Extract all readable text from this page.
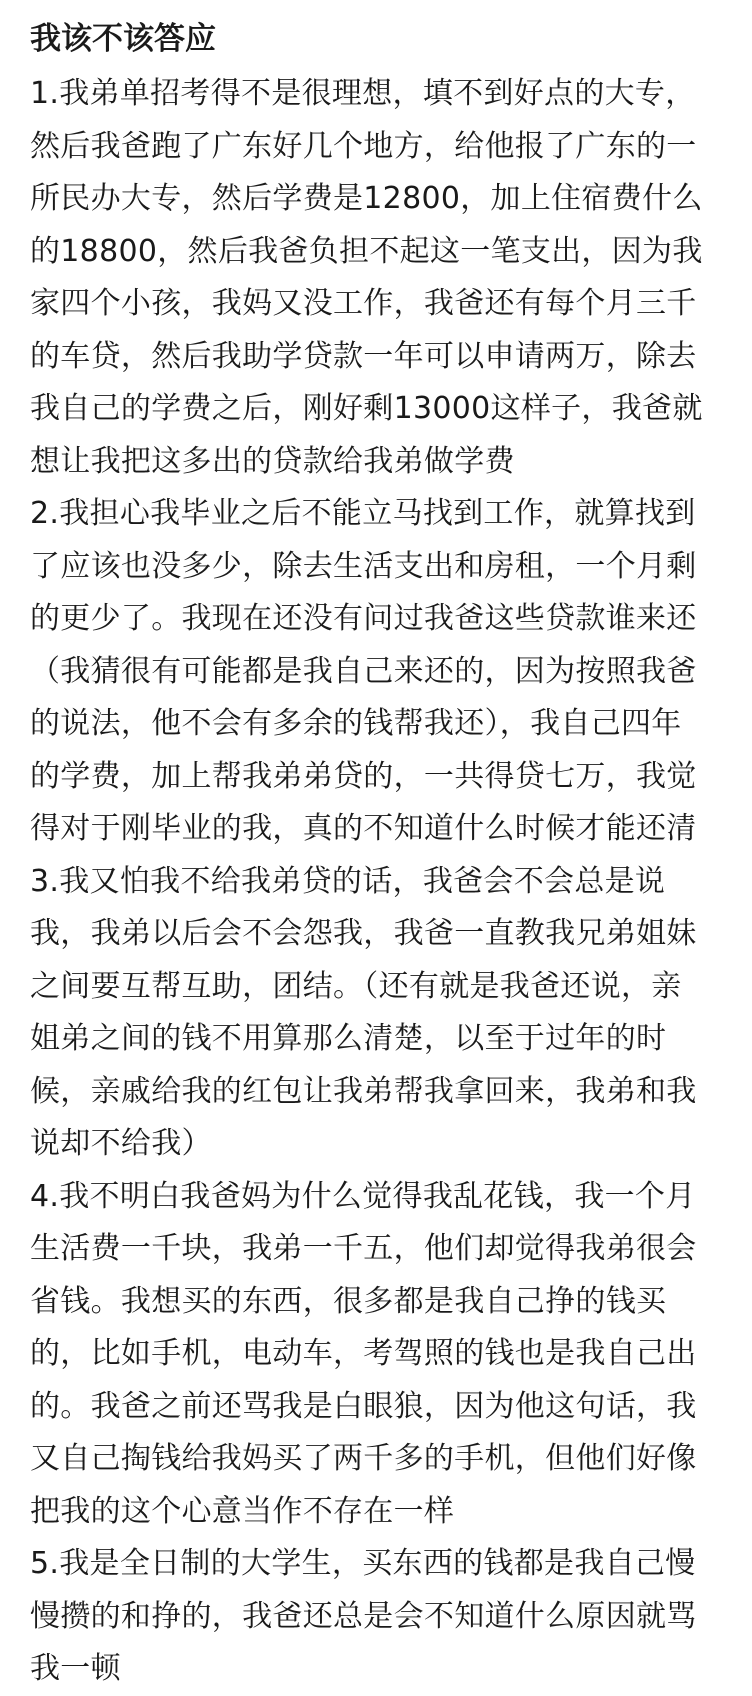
我该不该答应
1.我弟单招考得不是很理想，填不到好点的大专，
然后我爸跑了广东好几个地方，给他报了广东的一
所民办大专，然后学费是12800，加上住宿费什么
的18800，然后我爸负担不起这一笔支出，因为我
家四个小孩，我妈又没工作，我爸还有每个月三千
的车贷，然后我助学贷款一年可以申请两万，除去
我自己的学费之后，刚好剩13000这样子，我爸就
想让我把这多出的贷款给我弟做学费
2.我担心我毕业之后不能立马找到工作，就算找到
了应该也没多少，除去生活支出和房租，一个月剩
的更少了。我现在还没有问过我爸这些贷款谁来还
（我猜很有可能都是我自己来还的，因为按照我爸
的说法，他不会有多余的钱帮我还），我自己四年
的学费，加上帮我弟弟贷的，一共得贷七万，我觉
得对于刚毕业的我，真的不知道什么时候才能还清
3.我又怕我不给我弟贷的话，我爸会不会总是说
我，我弟以后会不会怨我，我爸一直教我兄弟姐妹
之间要互帮互助，团结。（还有就是我爸还说，亲
姐弟之间的钱不用算那么清楚，以至于过年的时
候，亲戚给我的红包让我弟帮我拿回来，我弟和我
说却不给我）
4.我不明白我爸妈为什么觉得我乱花钱，我一个月
生活费一千块，我弟一千五，他们却觉得我弟很会
省钱。我想买的东西，很多都是我自己挣的钱买
的，比如手机，电动车，考驾照的钱也是我自己出
的。我爸之前还骂我是白眼狼，因为他这句话，我
又自己掏钱给我妈买了两千多的手机，但他们好像
把我的这个心意当作不存在一样
5.我是全日制的大学生，买东西的钱都是我自己慢
慢攒的和挣的，我爸还总是会不知道什么原因就骂
我一顿
